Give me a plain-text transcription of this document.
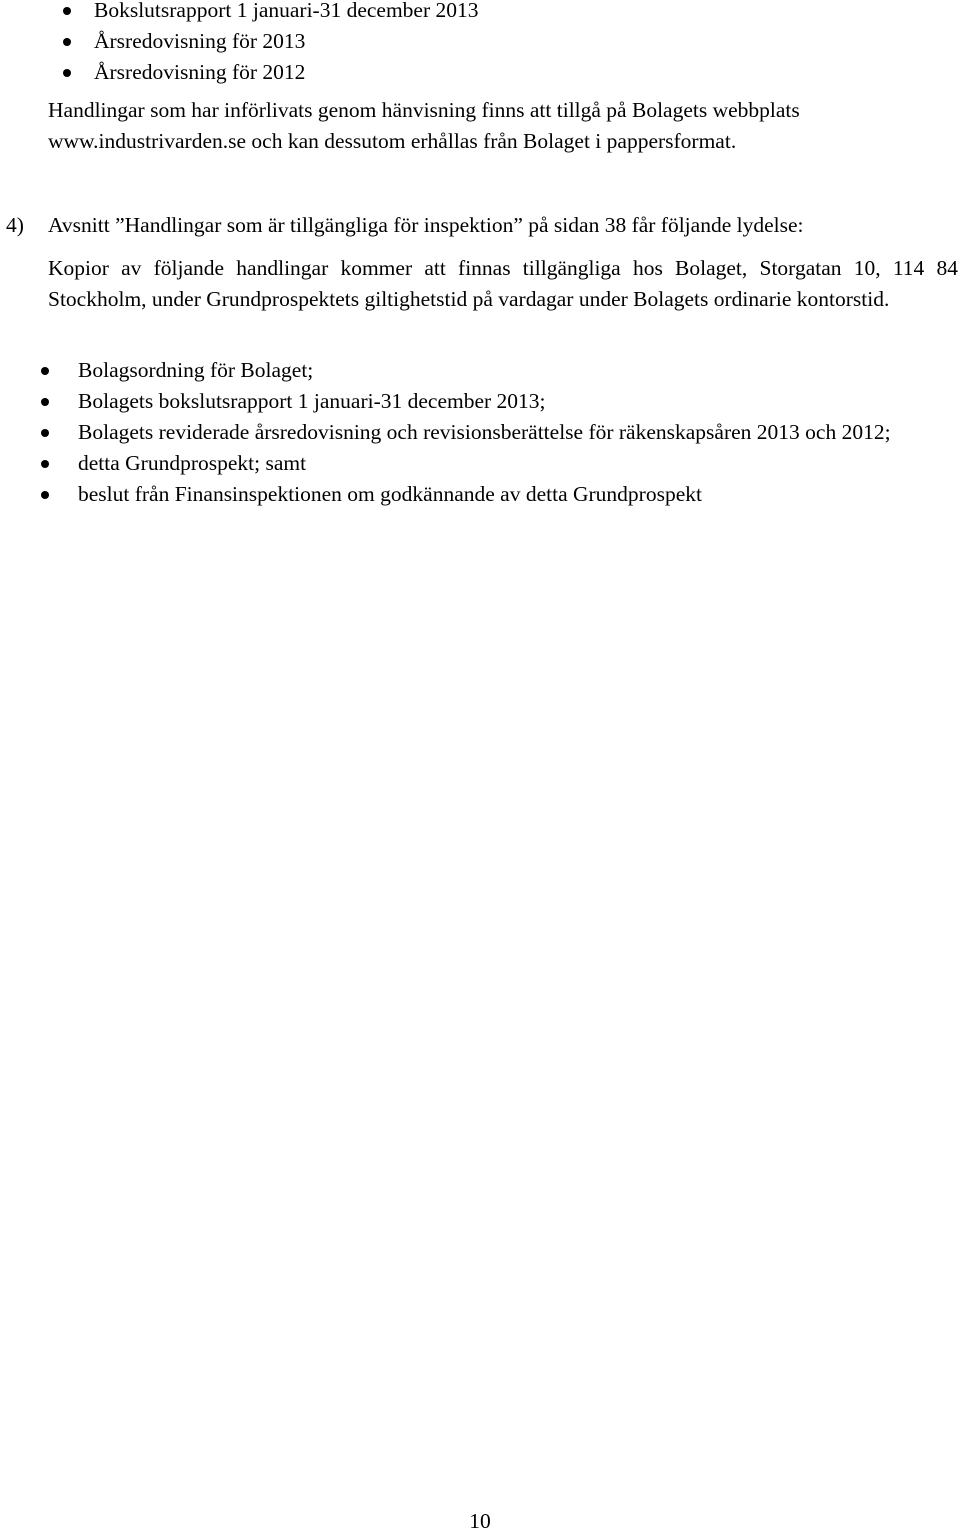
Bokslutsrapport 1 januari-31 december 2013
Årsredovisning för 2013
Årsredovisning för 2012

Handlingar som har införlivats genom hänvisning finns att tillgå på Bolagets webbplats www.industrivarden.se och kan dessutom erhållas från Bolaget i pappersformat.

4) Avsnitt ”Handlingar som är tillgängliga för inspektion” på sidan 38 får följande lydelse:

Kopior av följande handlingar kommer att finnas tillgängliga hos Bolaget, Storgatan 10, 114 84 Stockholm, under Grundprospektets giltighetstid på vardagar under Bolagets ordinarie kontorstid.

Bolagsordning för Bolaget;
Bolagets bokslutsrapport 1 januari-31 december 2013;
Bolagets reviderade årsredovisning och revisionsberättelse för räkenskapsåren 2013 och 2012;
detta Grundprospekt; samt
beslut från Finansinspektionen om godkännande av detta Grundprospekt
10
